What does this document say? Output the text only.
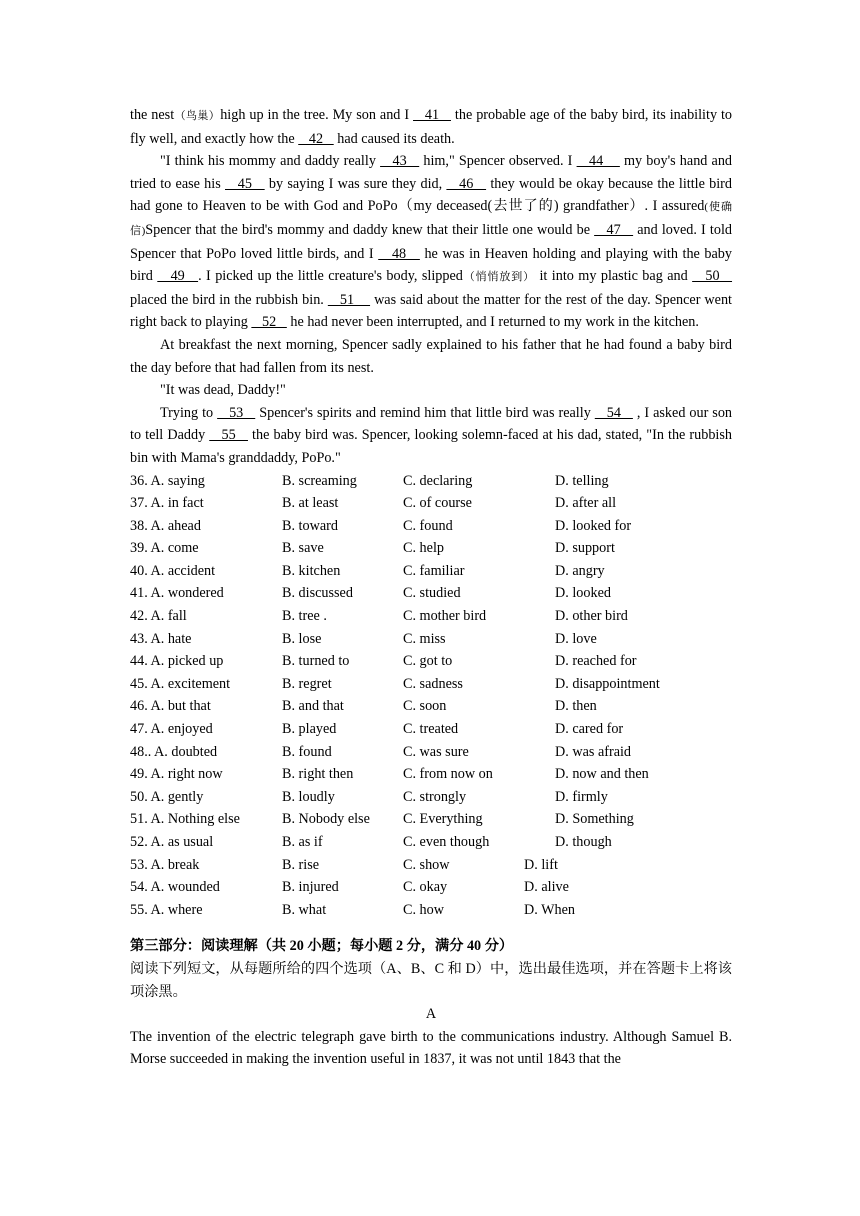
the nest（鸟巢）high up in the tree. My son and I    41    the probable age of the baby bird, its inability to fly well, and exactly how the    42    had caused its death.

"I think his mommy and daddy really    43    him," Spencer observed. I    44     my boy's hand and tried to ease his    45    by saying I was sure they did,    46    they would be okay because the little bird had gone to Heaven to be with God and PoPo（my deceased(去世了的) grandfather）. I assured(使确信)Spencer that the bird's mommy and daddy knew that their little one would be    47    and loved. I told Spencer that PoPo loved little birds, and I    48    he was in Heaven holding and playing with the baby bird    49   . I picked up the little creature's body, slipped（悄悄放到） it into my plastic bag and    50    placed the bird in the rubbish bin.    51     was said about the matter for the rest of the day. Spencer went right back to playing    52    he had never been interrupted, and I returned to my work in the kitchen.

At breakfast the next morning, Spencer sadly explained to his father that he had found a baby bird the day before that had fallen from its nest.

"It was dead, Daddy!"

Trying to    53    Spencer's spirits and remind him that little bird was really    54    , I asked our son to tell Daddy    55    the baby bird was. Spencer, looking solemn-faced at his dad, stated, "In the rubbish bin with Mama's granddaddy, PoPo."

36. A. saying	B. screaming	C. declaring	D. telling
37. A. in fact	B. at least	C. of course	D. after all
38. A. ahead	B. toward	C. found	D. looked for
39. A. come	B. save	C. help	D. support
40. A. accident	B. kitchen	C. familiar	D. angry
41. A. wondered	B. discussed	C. studied	D. looked
42. A. fall	B. tree .	C. mother bird	D. other bird
43. A. hate	B. lose	C. miss	D. love
44. A. picked up	B. turned to	C. got to	D. reached for
45. A. excitement	B. regret	C. sadness	D. disappointment
46. A. but that	B. and that	C. soon	D. then
47. A. enjoyed	B. played	C. treated	D. cared for
48.. A. doubted	B. found	C. was sure	D. was afraid
49. A. right now	B. right then	C. from now on	D. now and then
50. A. gently	B. loudly	C. strongly	D. firmly
51. A. Nothing else	B. Nobody else	C. Everything	D. Something
52. A. as usual	B. as if	C. even though	D. though
53. A. break	B. rise	C. show	D. lift
54. A. wounded	B. injured	C. okay	D. alive
55. A. where	B. what	C. how	D. When
第三部分：阅读理解（共 20 小题；每小题 2 分，满分 40 分）
阅读下列短文，从每题所给的四个选项（A、B、C 和 D）中，选出最佳选项，并在答题卡上将该项涂黑。
A

The invention of the electric telegraph gave birth to the communications industry. Although Samuel B. Morse succeeded in making the invention useful in 1837, it was not until 1843 that the
